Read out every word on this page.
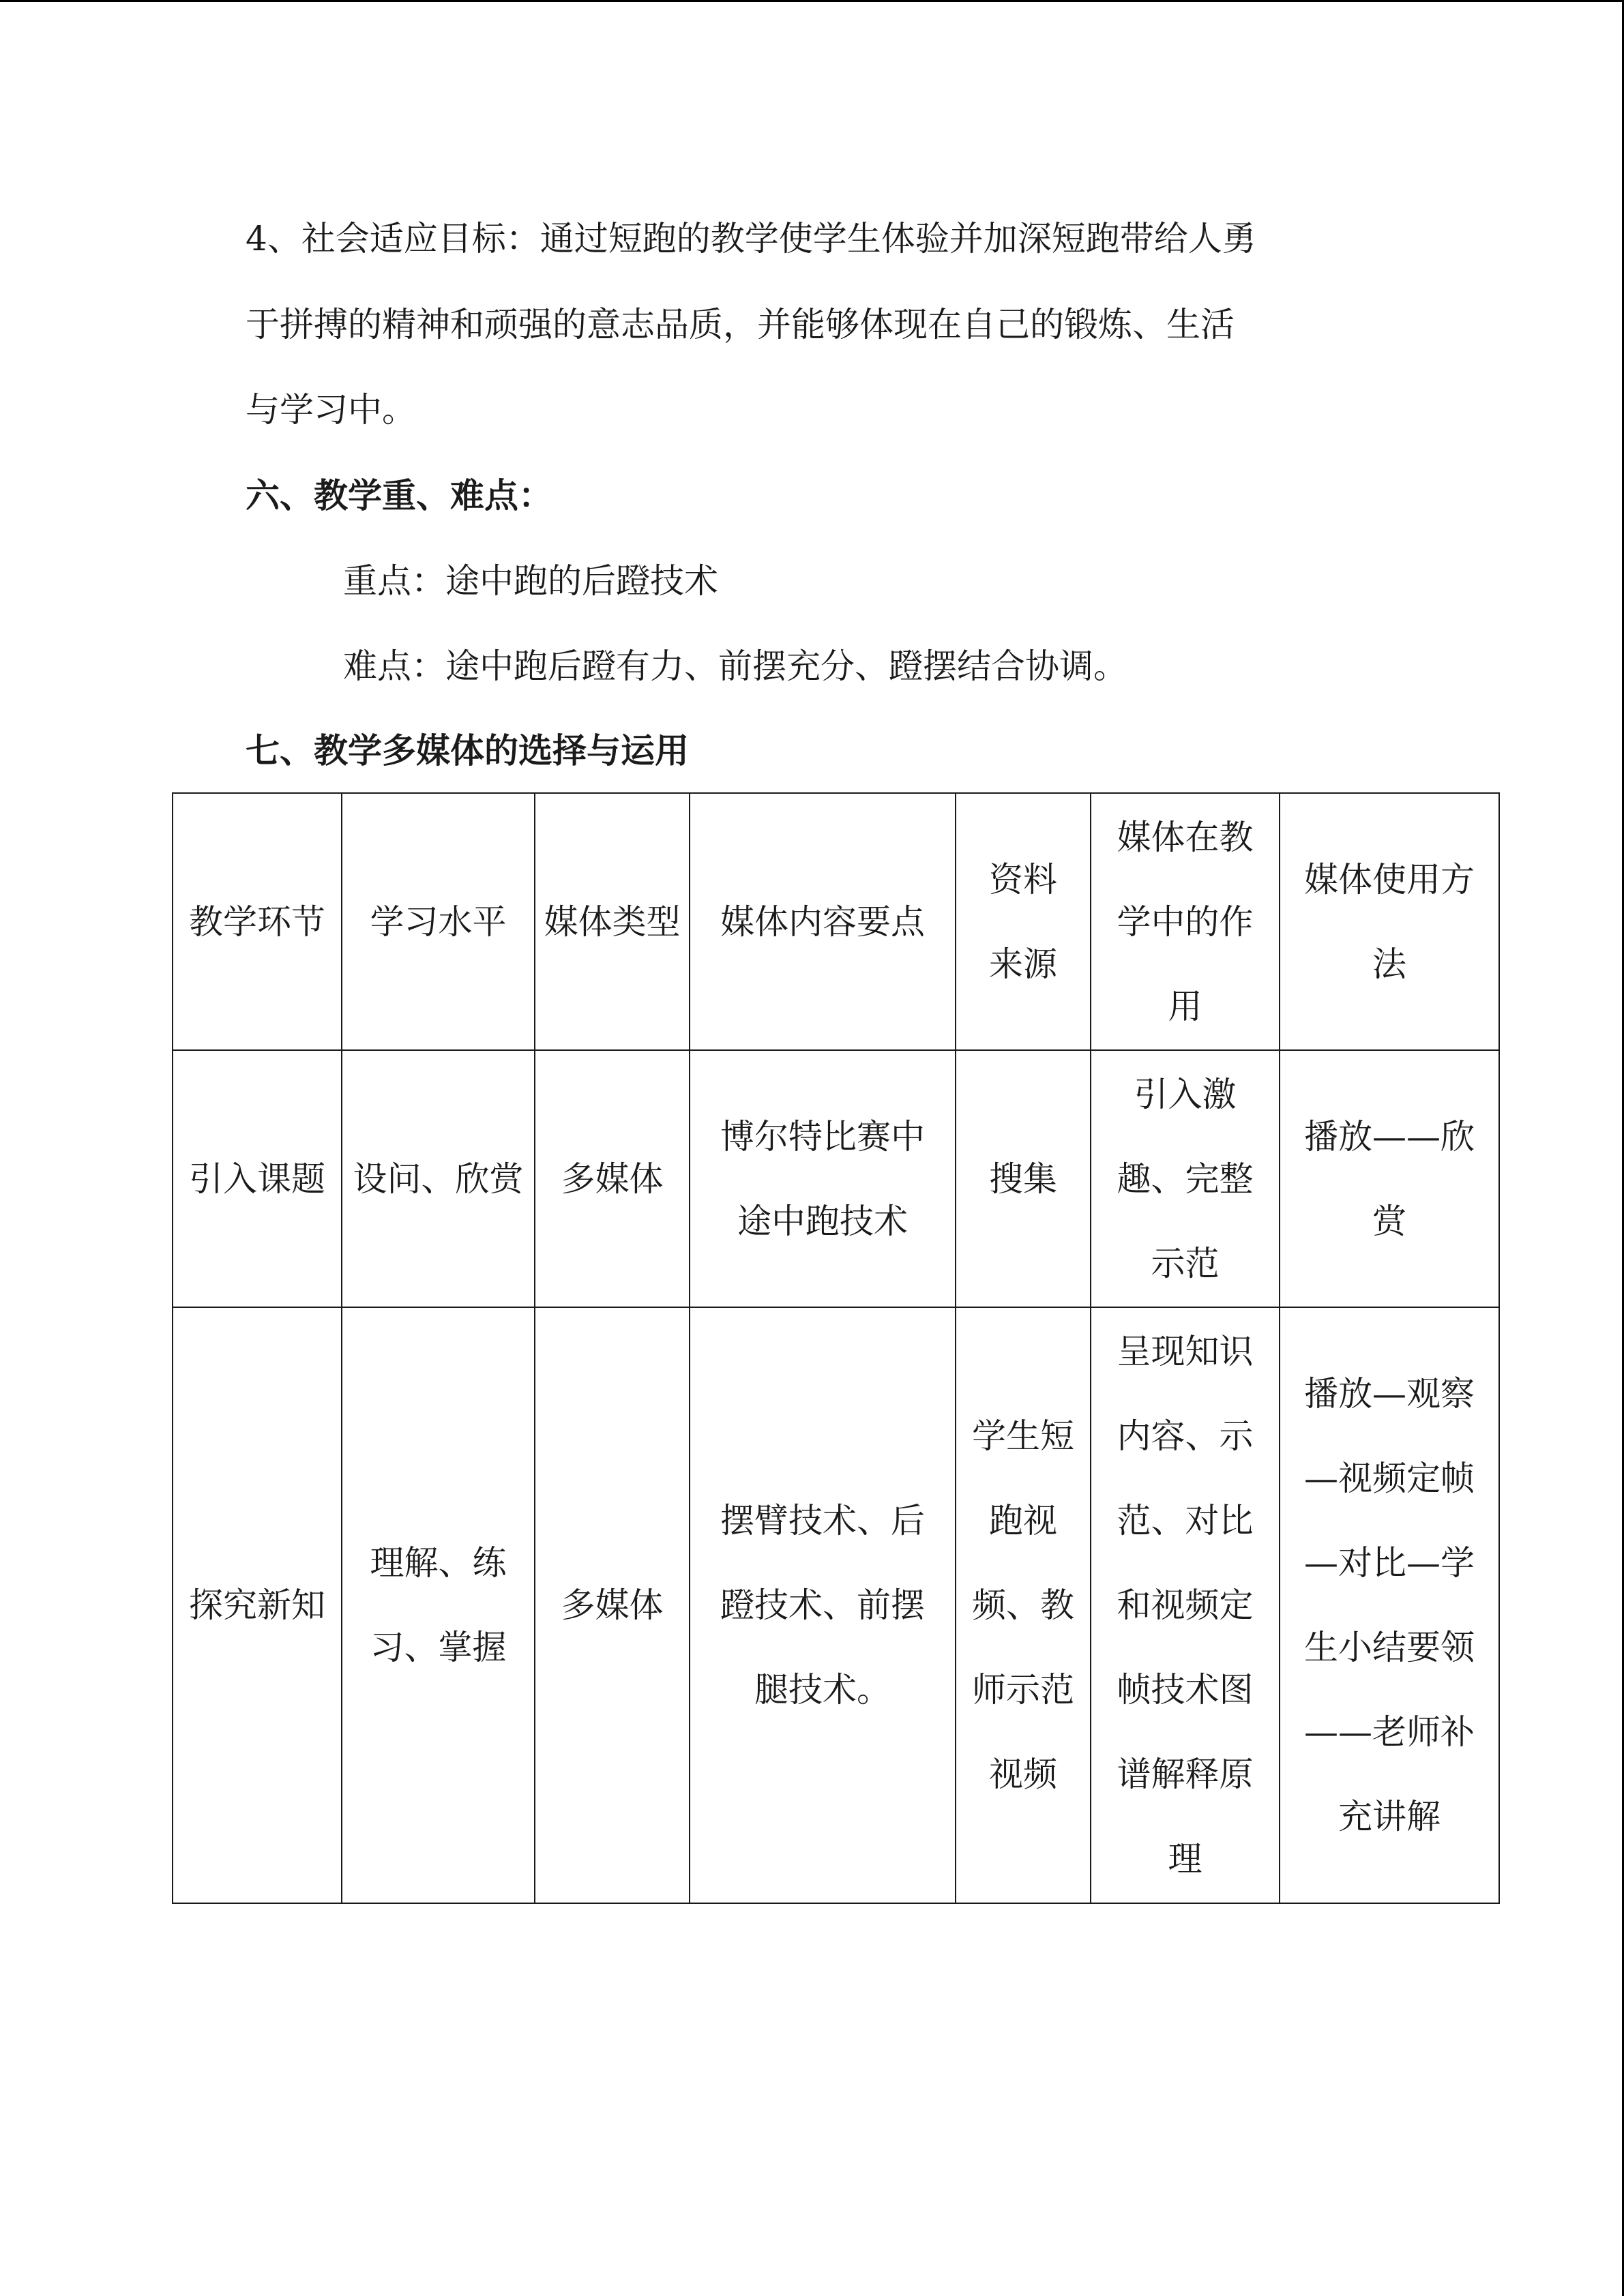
4、社会适应目标：通过短跑的教学使学生体验并加深短跑带给人勇
于拼搏的精神和顽强的意志品质，并能够体现在自己的锻炼、生活
与学习中。
六、教学重、难点：
重点：途中跑的后蹬技术
难点：途中跑后蹬有力、前摆充分、蹬摆结合协调。
七、教学多媒体的选择与运用
教学环节	学习水平	媒体类型	媒体内容要点	资料来源	媒体在教学中的作用	媒体使用方法

引入课题	设问、欣赏	多媒体	博尔特比赛中途中跑技术	搜集	引入激趣、完整示范	播放——欣赏

探究新知	理解、练习、掌握	多媒体	摆臂技术、后蹬技术、前摆腿技术。	学生短跑视频、教师示范视频	呈现知识内容、示范、对比和视频定帧技术图谱解释原理	播放—观察—视频定帧—对比—学生小结要领——老师补充讲解
